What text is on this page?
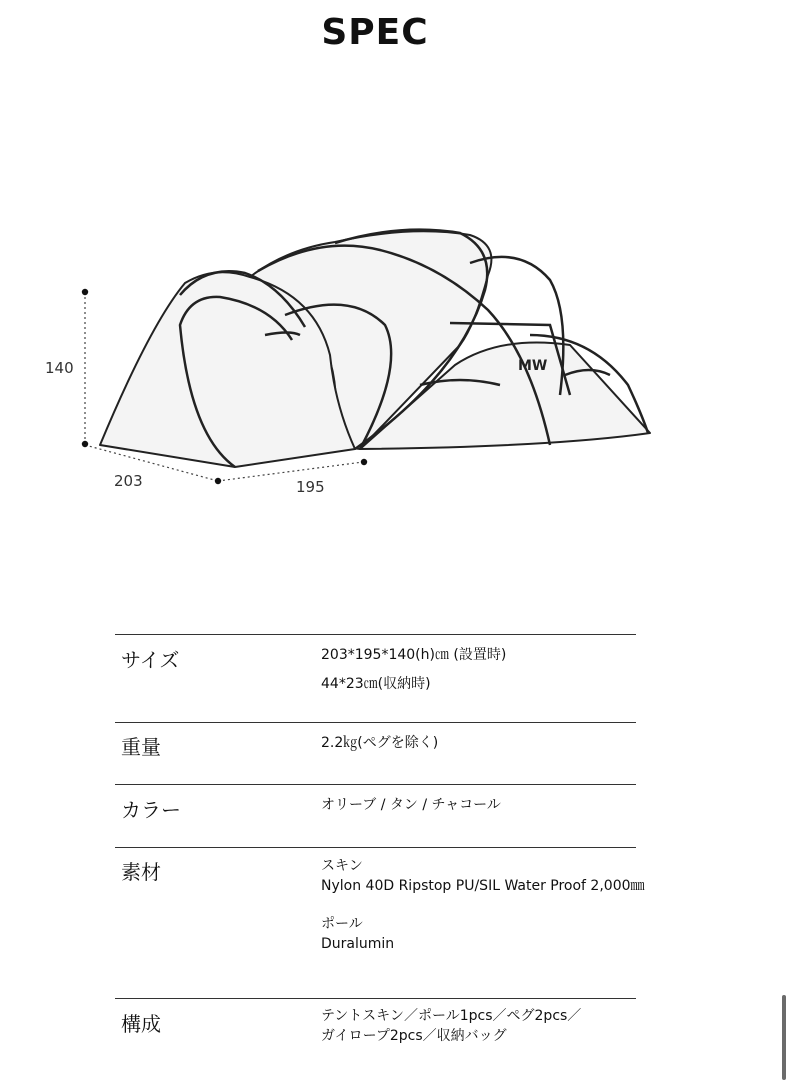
SPEC
MW
140
203	195
サイズ	203*195*140(h)㎝ (設置時)
44*23㎝(収納時)
重量	2.2㎏(ペグを除く)
カラー	オリーブ / タン / チャコール
素材	スキン
Nylon 40D Ripstop PU/SIL Water Proof 2,000㎜
ポール
Duralumin
構成	テントスキン／ポール1pcs／ペグ2pcs／
ガイロープ2pcs／収納バッグ
